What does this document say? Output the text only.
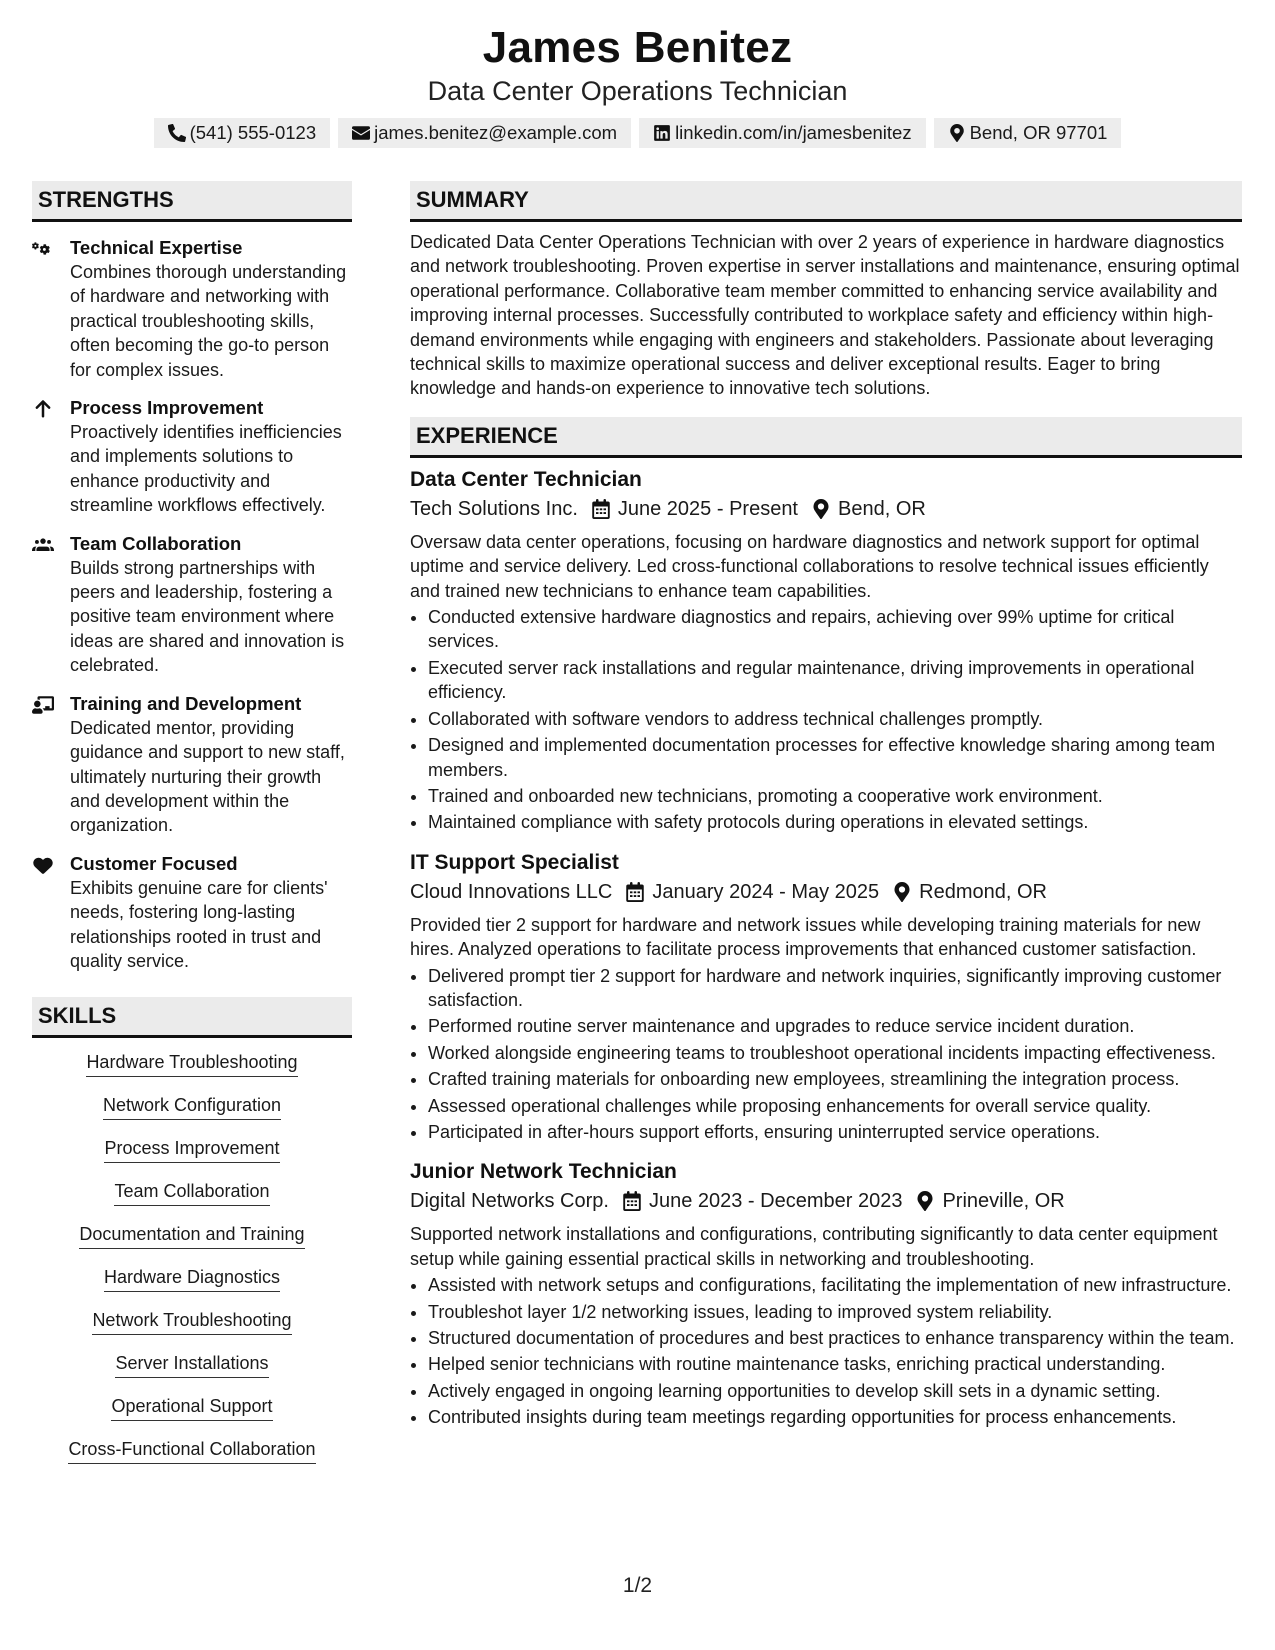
James Benitez
Data Center Operations Technician
(541) 555-0123	james.benitez@example.com	linkedin.com/in/jamesbenitez	Bend, OR 97701
STRENGTHS
Technical Expertise
Combines thorough understanding of hardware and networking with practical troubleshooting skills, often becoming the go-to person for complex issues.
Process Improvement
Proactively identifies inefficiencies and implements solutions to enhance productivity and streamline workflows effectively.
Team Collaboration
Builds strong partnerships with peers and leadership, fostering a positive team environment where ideas are shared and innovation is celebrated.
Training and Development
Dedicated mentor, providing guidance and support to new staff, ultimately nurturing their growth and development within the organization.
Customer Focused
Exhibits genuine care for clients' needs, fostering long-lasting relationships rooted in trust and quality service.
SKILLS
Hardware Troubleshooting
Network Configuration
Process Improvement
Team Collaboration
Documentation and Training
Hardware Diagnostics
Network Troubleshooting
Server Installations
Operational Support
Cross-Functional Collaboration
SUMMARY
Dedicated Data Center Operations Technician with over 2 years of experience in hardware diagnostics and network troubleshooting. Proven expertise in server installations and maintenance, ensuring optimal operational performance. Collaborative team member committed to enhancing service availability and improving internal processes. Successfully contributed to workplace safety and efficiency within high-demand environments while engaging with engineers and stakeholders. Passionate about leveraging technical skills to maximize operational success and deliver exceptional results. Eager to bring knowledge and hands-on experience to innovative tech solutions.
EXPERIENCE
Data Center Technician
Tech Solutions Inc. June 2025 - Present Bend, OR
Oversaw data center operations, focusing on hardware diagnostics and network support for optimal uptime and service delivery. Led cross-functional collaborations to resolve technical issues efficiently and trained new technicians to enhance team capabilities.
• Conducted extensive hardware diagnostics and repairs, achieving over 99% uptime for critical services.
• Executed server rack installations and regular maintenance, driving improvements in operational efficiency.
• Collaborated with software vendors to address technical challenges promptly.
• Designed and implemented documentation processes for effective knowledge sharing among team members.
• Trained and onboarded new technicians, promoting a cooperative work environment.
• Maintained compliance with safety protocols during operations in elevated settings.
IT Support Specialist
Cloud Innovations LLC January 2024 - May 2025 Redmond, OR
Provided tier 2 support for hardware and network issues while developing training materials for new hires. Analyzed operations to facilitate process improvements that enhanced customer satisfaction.
• Delivered prompt tier 2 support for hardware and network inquiries, significantly improving customer satisfaction.
• Performed routine server maintenance and upgrades to reduce service incident duration.
• Worked alongside engineering teams to troubleshoot operational incidents impacting effectiveness.
• Crafted training materials for onboarding new employees, streamlining the integration process.
• Assessed operational challenges while proposing enhancements for overall service quality.
• Participated in after-hours support efforts, ensuring uninterrupted service operations.
Junior Network Technician
Digital Networks Corp. June 2023 - December 2023 Prineville, OR
Supported network installations and configurations, contributing significantly to data center equipment setup while gaining essential practical skills in networking and troubleshooting.
• Assisted with network setups and configurations, facilitating the implementation of new infrastructure.
• Troubleshot layer 1/2 networking issues, leading to improved system reliability.
• Structured documentation of procedures and best practices to enhance transparency within the team.
• Helped senior technicians with routine maintenance tasks, enriching practical understanding.
• Actively engaged in ongoing learning opportunities to develop skill sets in a dynamic setting.
• Contributed insights during team meetings regarding opportunities for process enhancements.
1/2
